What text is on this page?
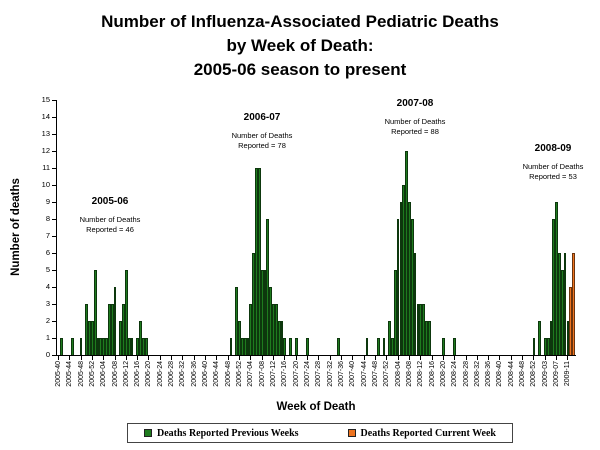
Number of Influenza-Associated Pediatric Deaths
by Week of Death:
2005-06 season to present
Number of deaths
Week of Death
0
1
2
3
4
5
6
7
8
9
10
11
12
13
14
15
2005-40 2005-44 2005-48 2005-52 2006-04 2006-08 2006-12 2006-16 2006-20 2006-24 2006-28 2006-32 2006-36 2006-40 2006-44 2006-48 2006-52 2007-04 2007-08 2007-12 2007-16 2007-20 2007-24 2007-28 2007-32 2007-36 2007-40 2007-44 2007-48 2007-52 2008-04 2008-08 2008-12 2008-16 2008-20 2008-24 2008-28 2008-32 2008-36 2008-40 2008-44 2008-48 2008-52 2009-03 2009-07 2009-11
2005-06
Number of Deaths
Reported = 46
2006-07
Number of Deaths
Reported = 78
2007-08
Number of Deaths
Reported = 88
2008-09
Number of Deaths
Reported = 53
Deaths Reported Previous Weeks	Deaths Reported Current Week
